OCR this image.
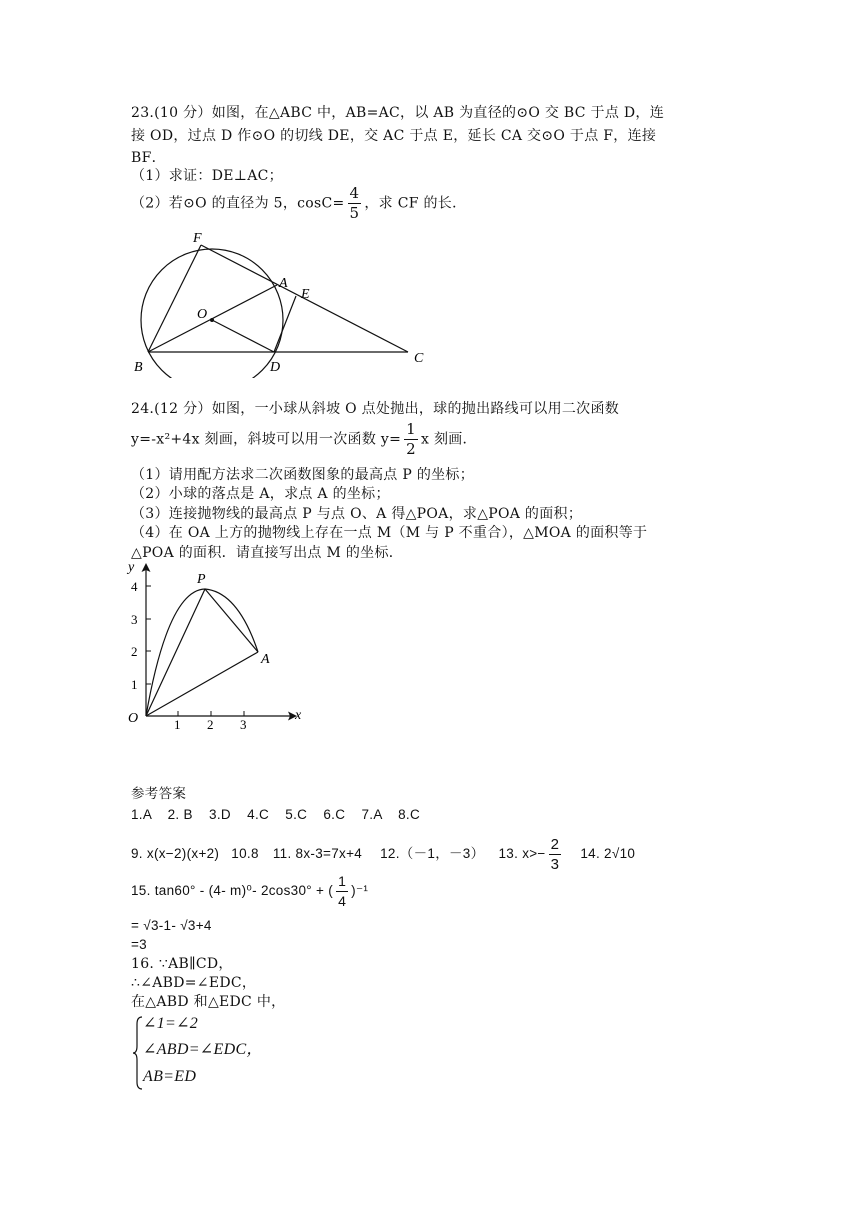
23.(10 分）如图，在△ABC 中，AB=AC，以 AB 为直径的⊙O 交 BC 于点 D，连
接 OD，过点 D 作⊙O 的切线 DE，交 AC 于点 E，延长 CA 交⊙O 于点 F，连接
BF．
（1）求证：DE⊥AC；
（2）若⊙O 的直径为 5，$\cos C= \frac{4}{5}$ ，求 CF 的长．
F
A
E
O
B	D
C
24.(12 分）如图，一小球从斜坡 O 点处抛出，球的抛出路线可以用二次函数
y=-x²+4x 刻画，斜坡可以用一次函数 $y= \frac{1}{2}$ x 刻画．
（1）请用配方法求二次函数图象的最高点 P 的坐标；
（2）小球的落点是 A，求点 A 的坐标；
（3）连接抛物线的最高点 P 与点 O、A 得△POA，求△POA 的面积；
（4）在 OA 上方的抛物线上存在一点 M（M 与 P 不重合），△MOA 的面积等于
△POA 的面积．请直接写出点 M 的坐标．
y
x
O
P
A
4
3
2
1
1 2 3
参考答案
1.A    2. B    3.D    4.C    5.C    6.C    7.A    8.C
9. x(x−2)(x+2) 10.8 11. 8x-3=7x+4 12.（－1，－3） 13. $x>- \frac{2}{3} 14$. 2√10
15. tan60° - (4- m)⁰- 2cos30° + ( $\frac{1}{4} )^{-1}$
= √3-1- √3+4
=3
16. ∵AB∥CD，
∴∠ABD=∠EDC，
在△ABD 和△EDC 中，
∠1=∠2
∠ABD=∠EDC，
AB=ED
